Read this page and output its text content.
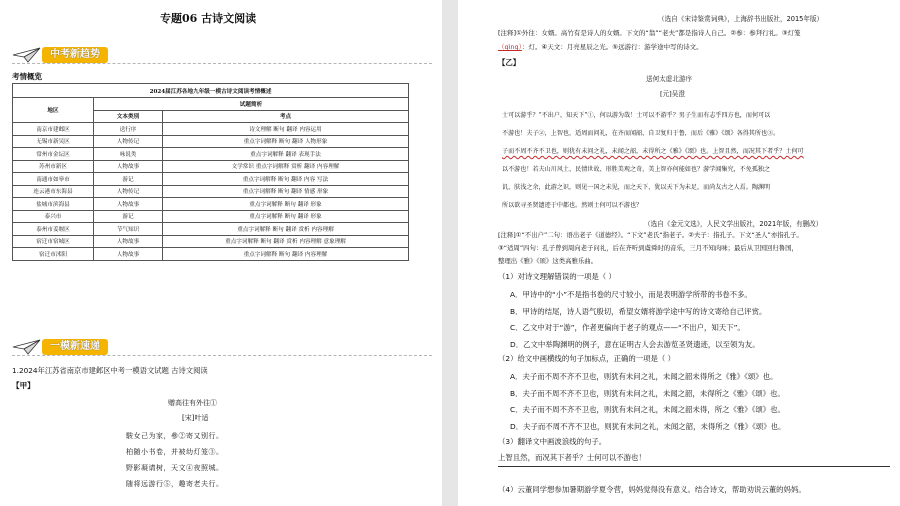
专题06 古诗文阅读
中考新趋势
考情概览
2024届江苏各地九年级一模古诗文阅读考情概述		
地区	试题简析	
	文本类别	考点
南京市建邺区	送行序	诗文理解 断句 翻译 内容运用
无锡市新吴区	人物传记	重点字词解释 断句 翻译 人物形象
常州市金坛区	咏说类	重点字词解释 翻译 表现手法
苏州市新区	人物故事	文学常识 重点字词解释 赏析 翻译 内容理解
南通市如皋市	游记	重点字词解释 断句 翻译 内容 写法
连云港市东海县	人物传记	重点字词解释 断句 翻译 情感 形象
盐城市滨海县	人物故事	重点字词解释 断句 翻译 形象
泰兴市	游记	重点字词解释 断句 翻译 形象
泰州市姜堰区	节气知识	重点字词解释 断句 翻译 赏析 内容理解
宿迁市宿城区	人物故事	重点字词解释 断句 翻译 赏析 内容理解 意象理解
宿迁市沭阳	人物故事	重点字词解释 断句 翻译 内容理解
一模新速递
1.2024年江苏省南京市建邺区中考一模语文试题 古诗文阅读
【甲】
赠高往有外往①
[宋]叶适
駿女己为家，參②寄又别行。
柏随小书卷，并被幼灯笼③。
野影凝请树，天文④夜照城。
随将远游行⑤，趣寄老夫行。
（选自《宋诗鉴赏词典》，上海辞书出版社，2015年版）
[注释]①外往：女婿。高竹有是诗人的女婿。下文的“翁”“老夫”都是指诗人自己。②参：参拜行礼。③灯笼
（qìng）：灯。④天文：月亮星辰之光。⑤远游行：游学途中写的诗文。
【乙】
送何太虚北游序
[元]吴澄
士可以游乎？“不出户，知天下”①，何以游为哉！士可以不游乎？男子生而有志乎四方也，而何可以
不游也！夫子②，上智也，适周而问礼，在齐而闻韶，自卫复归于鲁，而后《雅》《颂》各得其所也③。
子而不周不齐不卫也，则犹有未问之礼，未闻之韶，未得所之《雅》《颂》也。上智且然，而况其下者乎？士何可
以不游也！若夫山川风土、民情世故、形胜美观之奇，美上智亦何能如也？游学闻集究，不免孤独之
讥，肤浅之余，此游之识，则见一国之未见，而之天下，犹以天下为未足，而尚友古之人焉。陶渊明
所以欲寻圣贤遗迹于中都也。然则士何可以不游也？
（选自《金元文选》，人民文学出版社，2021年版，有删改）
[注释]①“不出户”二句：语出老子《道德经》。“下文”老氏“指老子。②夫子：指孔子。下文“圣人”亦指孔子。
③“适周”四句：孔子曾到周向老子问礼，后在齐听到虞舜时的音乐，三月不知肉味；最后从卫国回归鲁国，
整理出《雅》《颂》这类高雅乐曲。
（1）对诗文理解错误的一项是（ ）
A．甲诗中的“小”不是指书卷的尺寸较小，而是表明游学所带的书卷不多。
B．甲诗的结尾，诗人语气殷切，希望女婿将游学途中写的诗文寄给自己评赏。
C．乙文中对于“游”，作者更偏向于老子的观点——“不出户，知天下”。
D．乙文中举陶渊明的例子，意在证明古人会去游览圣贤遗迹，以至领为友。
（2）给文中画横线的句子加标点，正确的一项是（ ）
A．夫子而不周不齐不卫也，则犹有未问之礼，未闻之韶未得所之《雅》《颂》也。
B．夫子而不周不齐不卫也，则犹有未问之礼，未闻之韶，未得所之《雅》《颂》也。
C．夫子而不周不齐不卫也，则犹有未问之礼，未闻之韶未得，所之《雅》《颂》也。
D．夫子而不周不齐不卫也，则犹有未问之礼，未闻之韶，未得所之《雅》《颂》也。
（3）翻译文中画波浪线的句子。
上智且然，而况其下者乎？士何可以不游也！
（4）云董同学想参加暑期游学夏令营，妈妈觉得没有意义。结合诗文，帮助劝说云董的妈妈。
